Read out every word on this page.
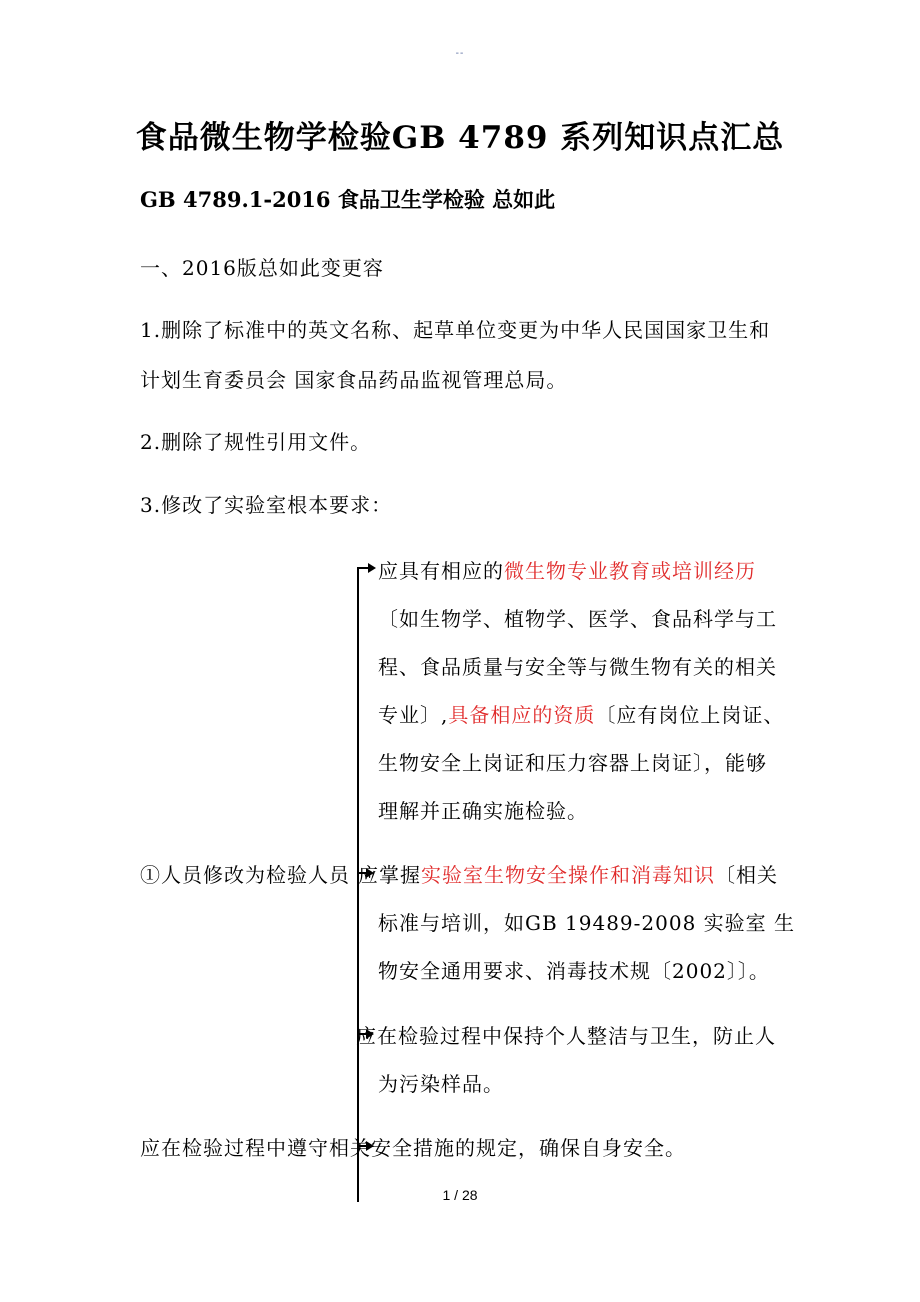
--
食品微生物学检验GB 4789 系列知识点汇总
GB 4789.1-2016 食品卫生学检验 总如此
一、2016版总如此变更容
1.删除了标准中的英文名称、起草单位变更为中华人民国国家卫生和
计划生育委员会 国家食品药品监视管理总局。
2.删除了规性引用文件。
3.修改了实验室根本要求：
应具有相应的微生物专业教育或培训经历
〔如生物学、植物学、医学、食品科学与工
程、食品质量与安全等与微生物有关的相关
专业〕,具备相应的资质〔应有岗位上岗证、
生物安全上岗证和压力容器上岗证〕，能够
理解并正确实施检验。
①人员修改为检验人员 应掌握实验室生物安全操作和消毒知识〔相关
标准与培训，如GB 19489-2008 实验室 生
物安全通用要求、消毒技术规〔2002〕〕。
应在检验过程中保持个人整洁与卫生，防止人
为污染样品。
应在检验过程中遵守相关安全措施的规定，确保自身安全。
1 / 28
